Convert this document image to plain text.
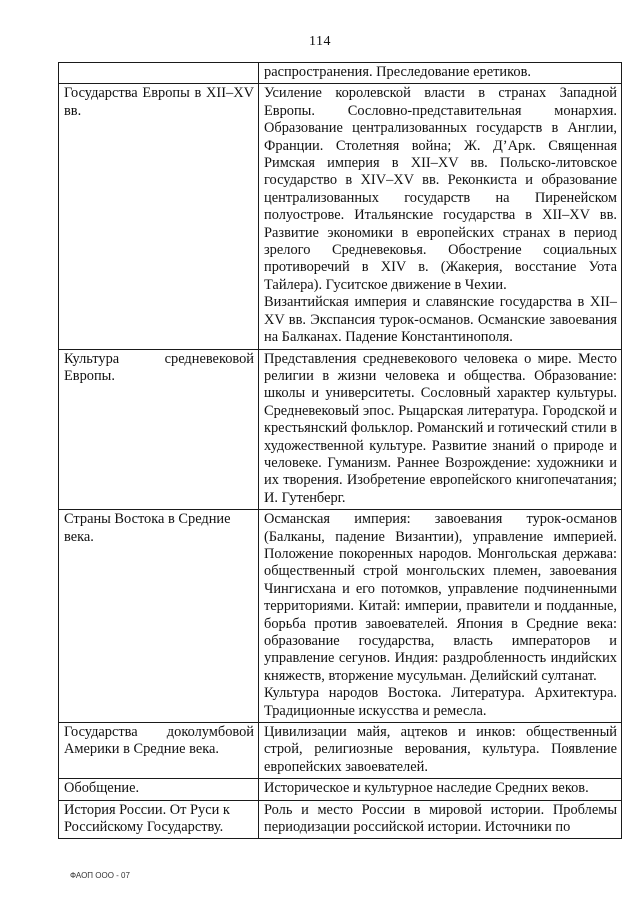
114

	распространения. Преследование еретиков.

Государства Европы в XII–XV вв.	Усиление королевской власти в странах Западной Европы. Сословно-представительная монархия. Образование централизованных государств в Англии, Франции. Столетняя война; Ж. Д’Арк. Священная Римская империя в XII–XV вв. Польско-литовское государство в XIV–XV вв. Реконкиста и образование централизованных государств на Пиренейском полуострове. Итальянские государства в XII–XV вв. Развитие экономики в европейских странах в период зрелого Средневековья. Обострение социальных противоречий в XIV в. (Жакерия, восстание Уота Тайлера). Гуситское движение в Чехии.
Византийская империя и славянские государства в XII–XV вв. Экспансия турок-османов. Османские завоевания на Балканах. Падение Константинополя.

Культура средневековой Европы.	Представления средневекового человека о мире. Место религии в жизни человека и общества. Образование: школы и университеты. Сословный характер культуры. Средневековый эпос. Рыцарская литература. Городской и крестьянский фольклор. Романский и готический стили в художественной культуре. Развитие знаний о природе и человеке. Гуманизм. Раннее Возрождение: художники и их творения. Изобретение европейского книгопечатания; И. Гутенберг.

Страны Востока в Средние века.	Османская империя: завоевания турок-османов (Балканы, падение Византии), управление империей. Положение покоренных народов. Монгольская держава: общественный строй монгольских племен, завоевания Чингисхана и его потомков, управление подчиненными территориями. Китай: империи, правители и подданные, борьба против завоевателей. Япония в Средние века: образование государства, власть императоров и управление сегунов. Индия: раздробленность индийских княжеств, вторжение мусульман. Делийский султанат.
Культура народов Востока. Литература. Архитектура. Традиционные искусства и ремесла.

Государства доколумбовой Америки в Средние века.	Цивилизации майя, ацтеков и инков: общественный строй, религиозные верования, культура. Появление европейских завоевателей.

Обобщение.	Историческое и культурное наследие Средних веков.

История России. От Руси к Российскому Государству.	Роль и место России в мировой истории. Проблемы периодизации российской истории. Источники по
ФАОП ООО - 07
